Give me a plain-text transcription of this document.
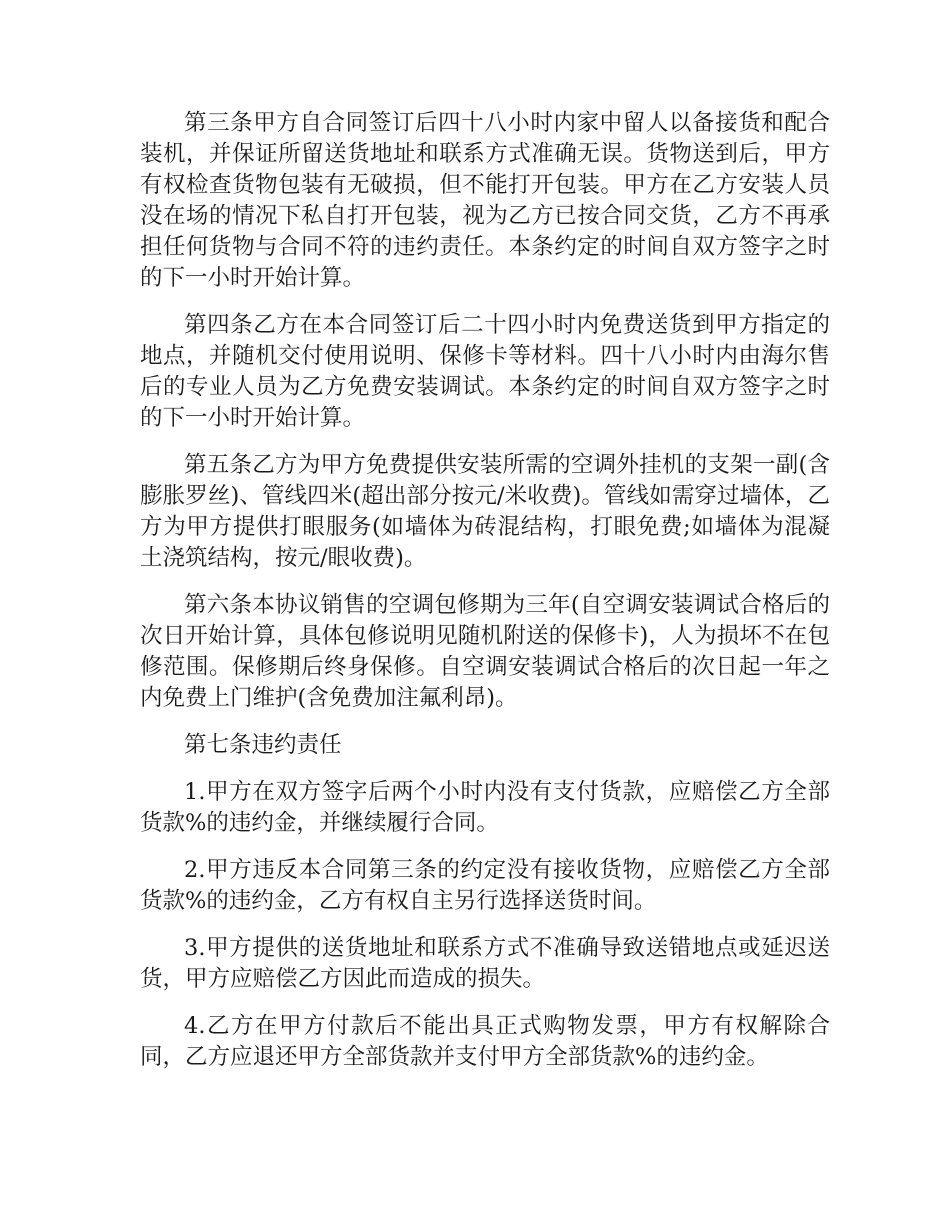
第三条甲方自合同签订后四十八小时内家中留人以备接货和配合装机，并保证所留送货地址和联系方式准确无误。货物送到后，甲方有权检查货物包装有无破损，但不能打开包装。甲方在乙方安装人员没在场的情况下私自打开包装，视为乙方已按合同交货，乙方不再承担任何货物与合同不符的违约责任。本条约定的时间自双方签字之时的下一小时开始计算。

第四条乙方在本合同签订后二十四小时内免费送货到甲方指定的地点，并随机交付使用说明、保修卡等材料。四十八小时内由海尔售后的专业人员为乙方免费安装调试。本条约定的时间自双方签字之时的下一小时开始计算。

第五条乙方为甲方免费提供安装所需的空调外挂机的支架一副(含膨胀罗丝)、管线四米(超出部分按元/米收费)。管线如需穿过墙体，乙方为甲方提供打眼服务(如墙体为砖混结构，打眼免费;如墙体为混凝土浇筑结构，按元/眼收费)。

第六条本协议销售的空调包修期为三年(自空调安装调试合格后的次日开始计算，具体包修说明见随机附送的保修卡)，人为损坏不在包修范围。保修期后终身保修。自空调安装调试合格后的次日起一年之内免费上门维护(含免费加注氟利昂)。

第七条违约责任

1.甲方在双方签字后两个小时内没有支付货款，应赔偿乙方全部货款%的违约金，并继续履行合同。

2.甲方违反本合同第三条的约定没有接收货物，应赔偿乙方全部货款%的违约金，乙方有权自主另行选择送货时间。

3.甲方提供的送货地址和联系方式不准确导致送错地点或延迟送货，甲方应赔偿乙方因此而造成的损失。

4.乙方在甲方付款后不能出具正式购物发票，甲方有权解除合同，乙方应退还甲方全部货款并支付甲方全部货款%的违约金。
